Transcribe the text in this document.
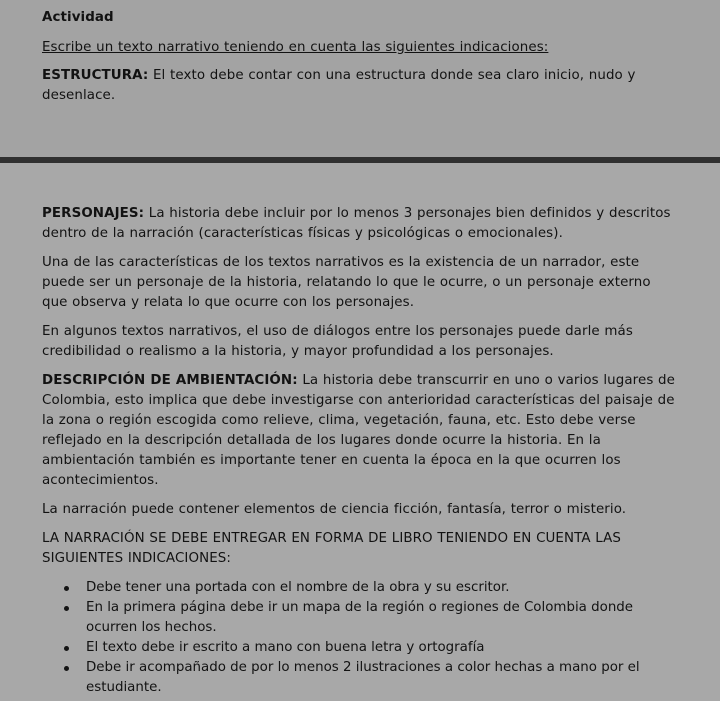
Actividad

Escribe un texto narrativo teniendo en cuenta las siguientes indicaciones:

ESTRUCTURA: El texto debe contar con una estructura donde sea claro inicio, nudo y desenlace.

PERSONAJES: La historia debe incluir por lo menos 3 personajes bien definidos y descritos dentro de la narración (características físicas y psicológicas o emocionales).

Una de las características de los textos narrativos es la existencia de un narrador, este puede ser un personaje de la historia, relatando lo que le ocurre, o un personaje externo que observa y relata lo que ocurre con los personajes.

En algunos textos narrativos, el uso de diálogos entre los personajes puede darle más credibilidad o realismo a la historia, y mayor profundidad a los personajes.

DESCRIPCIÓN DE AMBIENTACIÓN: La historia debe transcurrir en uno o varios lugares de Colombia, esto implica que debe investigarse con anterioridad características del paisaje de la zona o región escogida como relieve, clima, vegetación, fauna, etc. Esto debe verse reflejado en la descripción detallada de los lugares donde ocurre la historia. En la ambientación también es importante tener en cuenta la época en la que ocurren los acontecimientos.

La narración puede contener elementos de ciencia ficción, fantasía, terror o misterio.

LA NARRACIÓN SE DEBE ENTREGAR EN FORMA DE LIBRO TENIENDO EN CUENTA LAS SIGUIENTES INDICACIONES:

Debe tener una portada con el nombre de la obra y su escritor.
En la primera página debe ir un mapa de la región o regiones de Colombia donde ocurren los hechos.
El texto debe ir escrito a mano con buena letra y ortografía
Debe ir acompañado de por lo menos 2 ilustraciones a color hechas a mano por el estudiante.
